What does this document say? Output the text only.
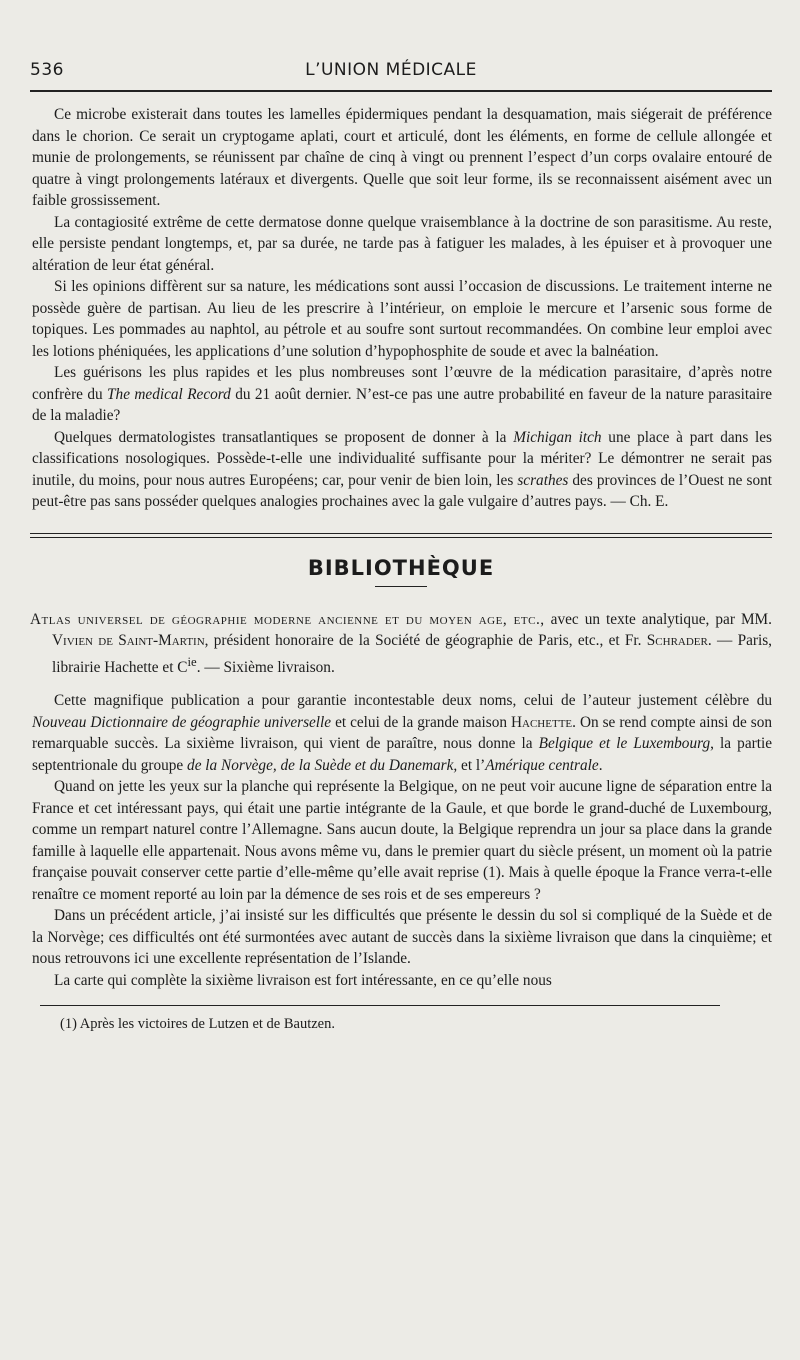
536	L’UNION MÉDICALE

Ce microbe existerait dans toutes les lamelles épidermiques pendant la desquamation, mais siégerait de préférence dans le chorion. Ce serait un cryptogame aplati, court et articulé, dont les éléments, en forme de cellule allongée et munie de prolongements, se réunissent par chaîne de cinq à vingt ou prennent l’espect d’un corps ovalaire entouré de quatre à vingt prolongements latéraux et divergents. Quelle que soit leur forme, ils se reconnaissent aisément avec un faible grossissement.

La contagiosité extrême de cette dermatose donne quelque vraisemblance à la doctrine de son parasitisme. Au reste, elle persiste pendant longtemps, et, par sa durée, ne tarde pas à fatiguer les malades, à les épuiser et à provoquer une altération de leur état général.

Si les opinions diffèrent sur sa nature, les médications sont aussi l’occasion de discussions. Le traitement interne ne possède guère de partisan. Au lieu de les prescrire à l’intérieur, on emploie le mercure et l’arsenic sous forme de topiques. Les pommades au naphtol, au pétrole et au soufre sont surtout recommandées. On combine leur emploi avec les lotions phéniquées, les applications d’une solution d’hypophosphite de soude et avec la balnéation.

Les guérisons les plus rapides et les plus nombreuses sont l’œuvre de la médication parasitaire, d’après notre confrère du The medical Record du 21 août dernier. N’est-ce pas une autre probabilité en faveur de la nature parasitaire de la maladie?

Quelques dermatologistes transatlantiques se proposent de donner à la Michigan itch une place à part dans les classifications nosologiques. Possède-t-elle une individualité suffisante pour la mériter? Le démontrer ne serait pas inutile, du moins, pour nous autres Européens; car, pour venir de bien loin, les scrathes des provinces de l’Ouest ne sont peut-être pas sans posséder quelques analogies prochaines avec la gale vulgaire d’autres pays. — Ch. E.

BIBLIOTHÈQUE
Atlas universel de géographie moderne ancienne et du moyen age, etc., avec un texte analytique, par MM. Vivien de Saint-Martin, président honoraire de la Société de géographie de Paris, etc., et Fr. Schrader. — Paris, librairie Hachette et $C^{ie}$. — Sixième livraison.

Cette magnifique publication a pour garantie incontestable deux noms, celui de l’auteur justement célèbre du Nouveau Dictionnaire de géographie universelle et celui de la grande maison Hachette. On se rend compte ainsi de son remarquable succès. La sixième livraison, qui vient de paraître, nous donne la Belgique et le Luxembourg, la partie septentrionale du groupe de la Norvège, de la Suède et du Danemark, et l’Amérique centrale.

Quand on jette les yeux sur la planche qui représente la Belgique, on ne peut voir aucune ligne de séparation entre la France et cet intéressant pays, qui était une partie intégrante de la Gaule, et que borde le grand-duché de Luxembourg, comme un rempart naturel contre l’Allemagne. Sans aucun doute, la Belgique reprendra un jour sa place dans la grande famille à laquelle elle appartenait. Nous avons même vu, dans le premier quart du siècle présent, un moment où la patrie française pouvait conserver cette partie d’elle-même qu’elle avait reprise (1). Mais à quelle époque la France verra-t-elle renaître ce moment reporté au loin par la démence de ses rois et de ses empereurs ?

Dans un précédent article, j’ai insisté sur les difficultés que présente le dessin du sol si compliqué de la Suède et de la Norvège; ces difficultés ont été surmontées avec autant de succès dans la sixième livraison que dans la cinquième; et nous retrouvons ici une excellente représentation de l’Islande.

La carte qui complète la sixième livraison est fort intéressante, en ce qu’elle nous

(1) Après les victoires de Lutzen et de Bautzen.
